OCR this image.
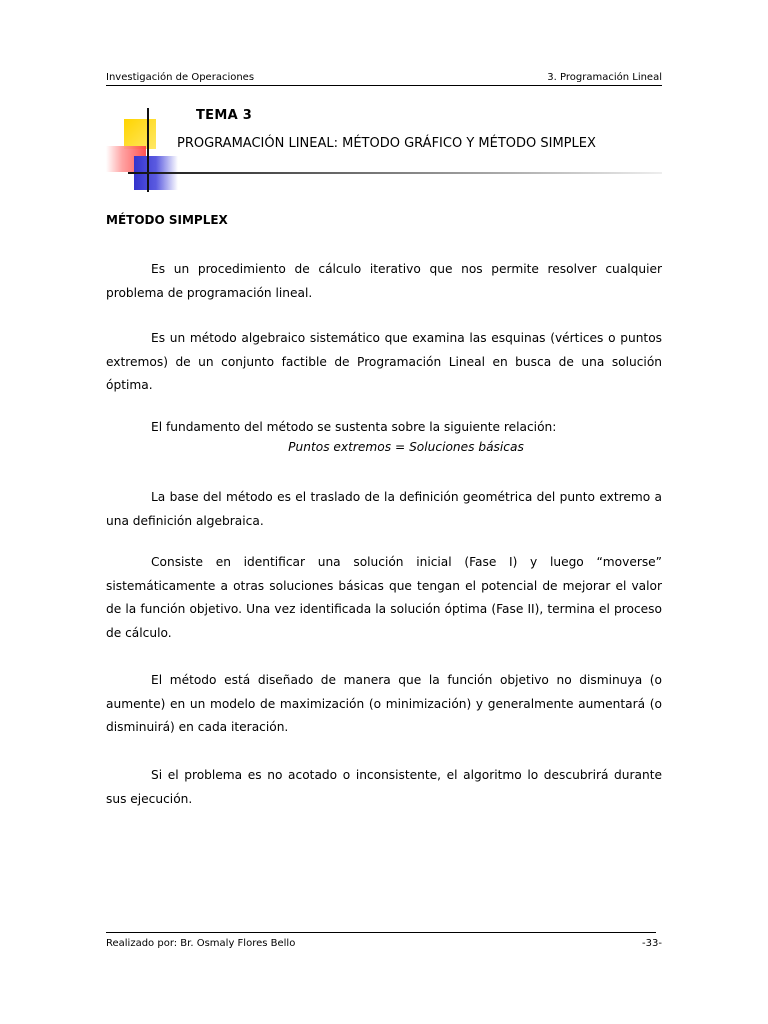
Investigación de Operaciones	3. Programación Lineal
TEMA 3
PROGRAMACIÓN LINEAL: MÉTODO GRÁFICO Y MÉTODO SIMPLEX
MÉTODO SIMPLEX

Es un procedimiento de cálculo iterativo que nos permite resolver cualquier problema de programación lineal.

Es un método algebraico sistemático que examina las esquinas (vértices o puntos extremos) de un conjunto factible de Programación Lineal en busca de una solución óptima.

El fundamento del método se sustenta sobre la siguiente relación:

Puntos extremos = Soluciones básicas

La base del método es el traslado de la definición geométrica del punto extremo a una definición algebraica.

Consiste en identificar una solución inicial (Fase I) y luego “moverse” sistemáticamente a otras soluciones básicas que tengan el potencial de mejorar el valor de la función objetivo. Una vez identificada la solución óptima (Fase II), termina el proceso de cálculo.

El método está diseñado de manera que la función objetivo no disminuya (o aumente) en un modelo de maximización (o minimización) y generalmente aumentará (o disminuirá) en cada iteración.

Si el problema es no acotado o inconsistente, el algoritmo lo descubrirá durante sus ejecución.

Realizado por: Br. Osmaly Flores Bello	-33-
